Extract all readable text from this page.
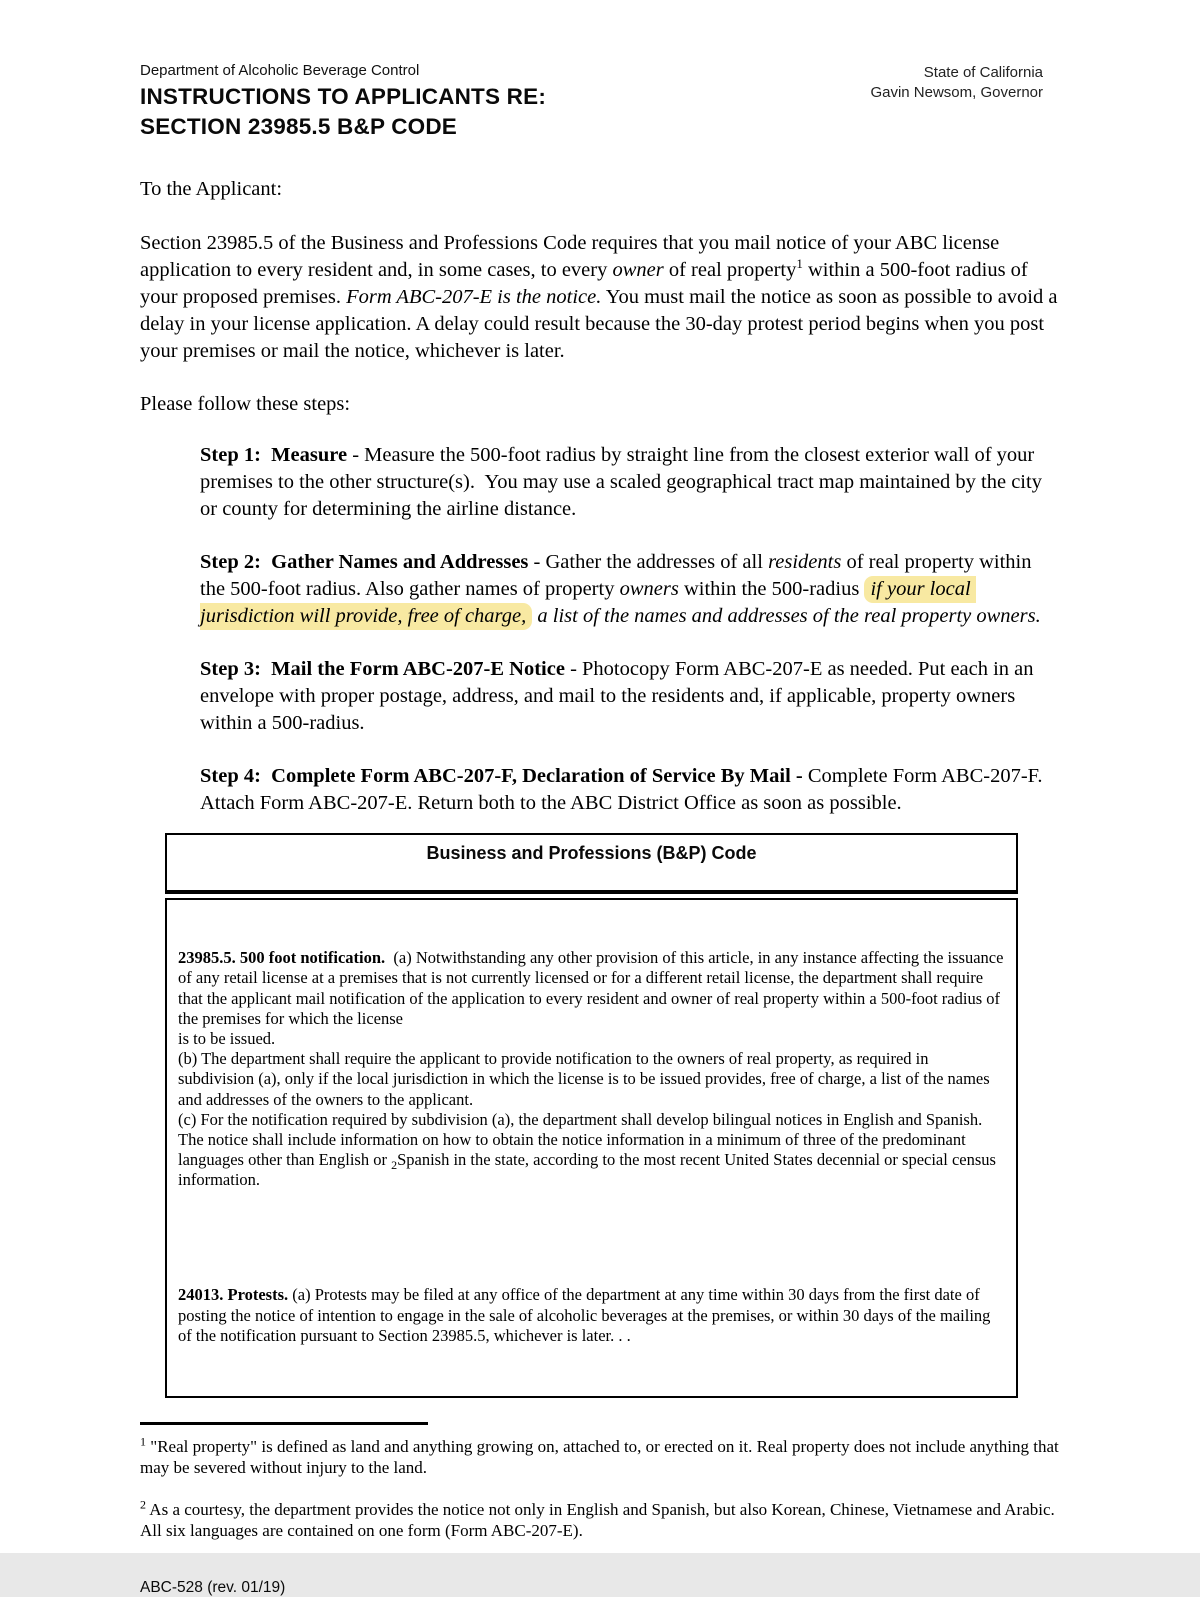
Department of Alcoholic Beverage Control
INSTRUCTIONS TO APPLICANTS RE:
SECTION 23985.5 B&P CODE
State of California
Gavin Newsom, Governor
To the Applicant:
Section 23985.5 of the Business and Professions Code requires that you mail notice of your ABC license application to every resident and, in some cases, to every owner of real property$^1$ within a 500-foot radius of your proposed premises. Form ABC-207-E is the notice. You must mail the notice as soon as possible to avoid a delay in your license application. A delay could result because the 30-day protest period begins when you post your premises or mail the notice, whichever is later.
Please follow these steps:
Step 1:  Measure - Measure the 500-foot radius by straight line from the closest exterior wall of your premises to the other structure(s).  You may use a scaled geographical tract map maintained by the city or county for determining the airline distance.
Step 2:  Gather Names and Addresses - Gather the addresses of all residents of real property within the 500-foot radius. Also gather names of property owners within the 500-radius if your local jurisdiction will provide, free of charge, a list of the names and addresses of the real property owners.
Step 3:  Mail the Form ABC-207-E Notice - Photocopy Form ABC-207-E as needed. Put each in an envelope with proper postage, address, and mail to the residents and, if applicable, property owners within a 500-radius.
Step 4:  Complete Form ABC-207-F, Declaration of Service By Mail - Complete Form ABC-207-F. Attach Form ABC-207-E. Return both to the ABC District Office as soon as possible.
Business and Professions (B&P) Code

23985.5. 500 foot notification.  (a) Notwithstanding any other provision of this article, in any instance affecting the issuance of any retail license at a premises that is not currently licensed or for a different retail license, the department shall require that the applicant mail notification of the application to every resident and owner of real property within a 500-foot radius of the premises for which the license
is to be issued.
(b) The department shall require the applicant to provide notification to the owners of real property, as required in subdivision (a), only if the local jurisdiction in which the license is to be issued provides, free of charge, a list of the names and addresses of the owners to the applicant.
(c) For the notification required by subdivision (a), the department shall develop bilingual notices in English and Spanish.  The notice shall include information on how to obtain the notice information in a minimum of three of the predominant languages other than English or $_2$Spanish in the state, according to the most recent United States decennial or special census information.

24013. Protests. (a) Protests may be filed at any office of the department at any time within 30 days from the first date of posting the notice of intention to engage in the sale of alcoholic beverages at the premises, or within 30 days of the mailing of the notification pursuant to Section 23985.5, whichever is later. . .

$^1$ "Real property" is defined as land and anything growing on, attached to, or erected on it. Real property does not include anything that may be severed without injury to the land.
$^2$ As a courtesy, the department provides the notice not only in English and Spanish, but also Korean, Chinese, Vietnamese and Arabic.  All six languages are contained on one form (Form ABC-207-E).
ABC-528 (rev. 01/19)
